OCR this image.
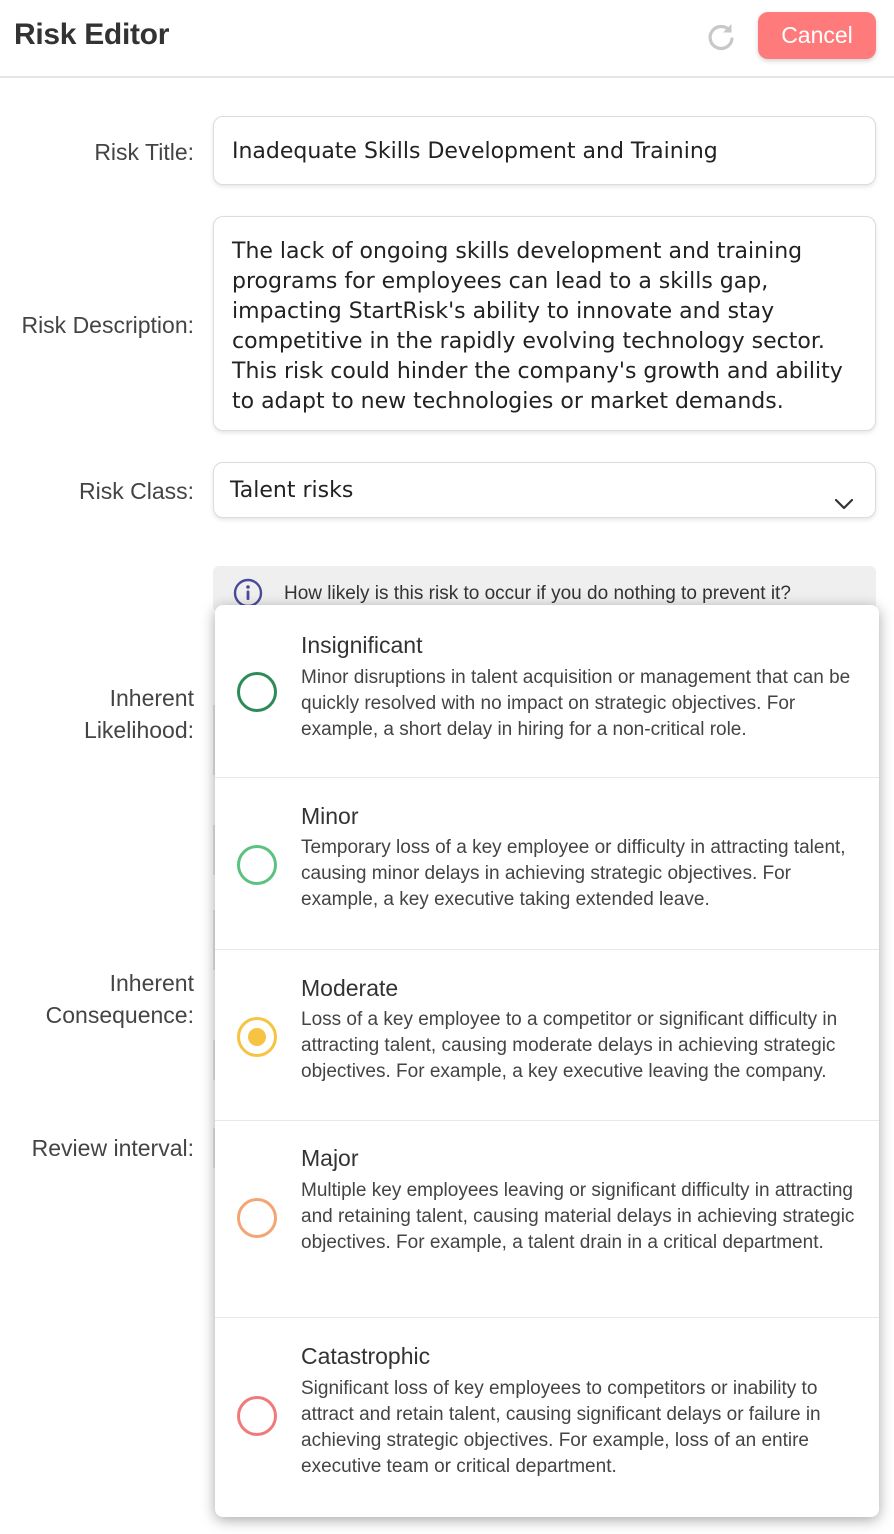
Risk Editor	Cancel
Risk Title:
Risk Description:
Risk Class:
Inherent
Likelihood:
Inherent
Consequence:
Review interval:
Inadequate Skills Development and Training
The lack of ongoing skills development and training programs for employees can lead to a skills gap, impacting StartRisk's ability to innovate and stay competitive in the rapidly evolving technology sector. This risk could hinder the company's growth and ability to adapt to new technologies or market demands.
Talent risks
How likely is this risk to occur if you do nothing to prevent it?
Insignificant
Minor disruptions in talent acquisition or management that can be quickly resolved with no impact on strategic objectives. For example, a short delay in hiring for a non-critical role.
Minor
Temporary loss of a key employee or difficulty in attracting talent, causing minor delays in achieving strategic objectives. For example, a key executive taking extended leave.
Moderate
Loss of a key employee to a competitor or significant difficulty in attracting talent, causing moderate delays in achieving strategic objectives. For example, a key executive leaving the company.
Major
Multiple key employees leaving or significant difficulty in attracting and retaining talent, causing material delays in achieving strategic objectives. For example, a talent drain in a critical department.
Catastrophic
Significant loss of key employees to competitors or inability to attract and retain talent, causing significant delays or failure in achieving strategic objectives. For example, loss of an entire executive team or critical department.
